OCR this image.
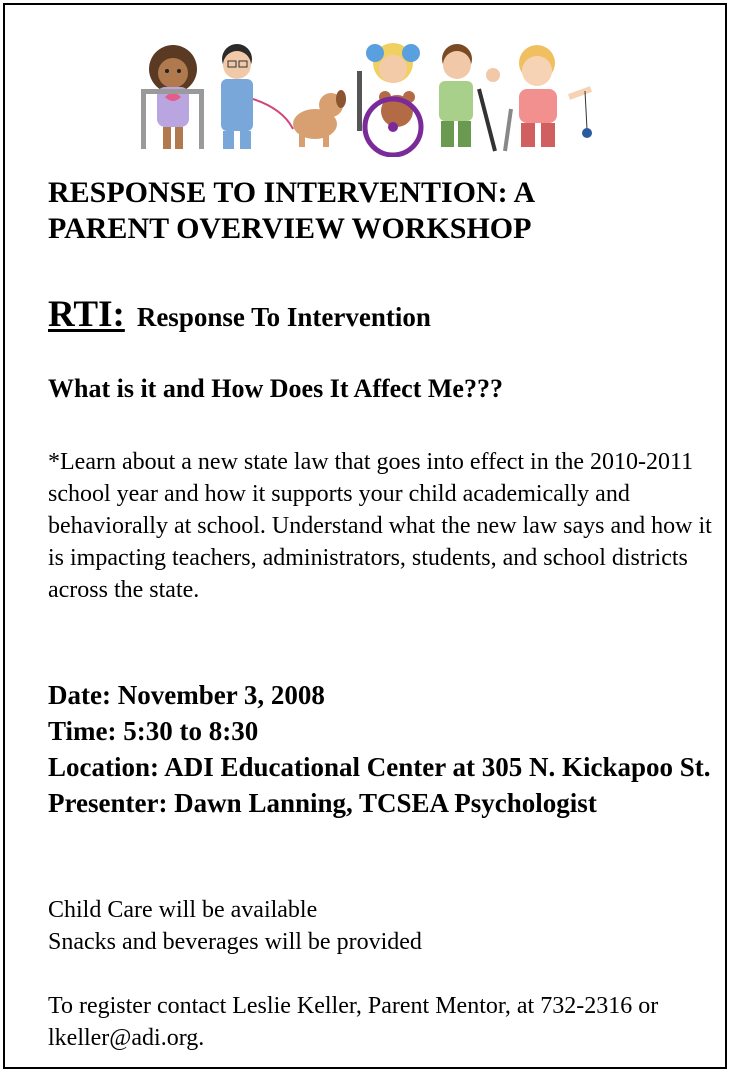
RESPONSE TO INTERVENTION: A
PARENT OVERVIEW WORKSHOP
RTI: Response To Intervention
What is it and How Does It Affect Me???

*Learn about a new state law that goes into effect in the 2010-2011 school year and how it supports your child academically and behaviorally at school. Understand what the new law says and how it is impacting teachers, administrators, students, and school districts across the state.

Date: November 3, 2008
Time: 5:30 to 8:30
Location: ADI Educational Center at 305 N. Kickapoo St.
Presenter: Dawn Lanning, TCSEA Psychologist
Child Care will be available
Snacks and beverages will be provided

To register contact Leslie Keller, Parent Mentor, at 732-2316 or lkeller@adi.org.
